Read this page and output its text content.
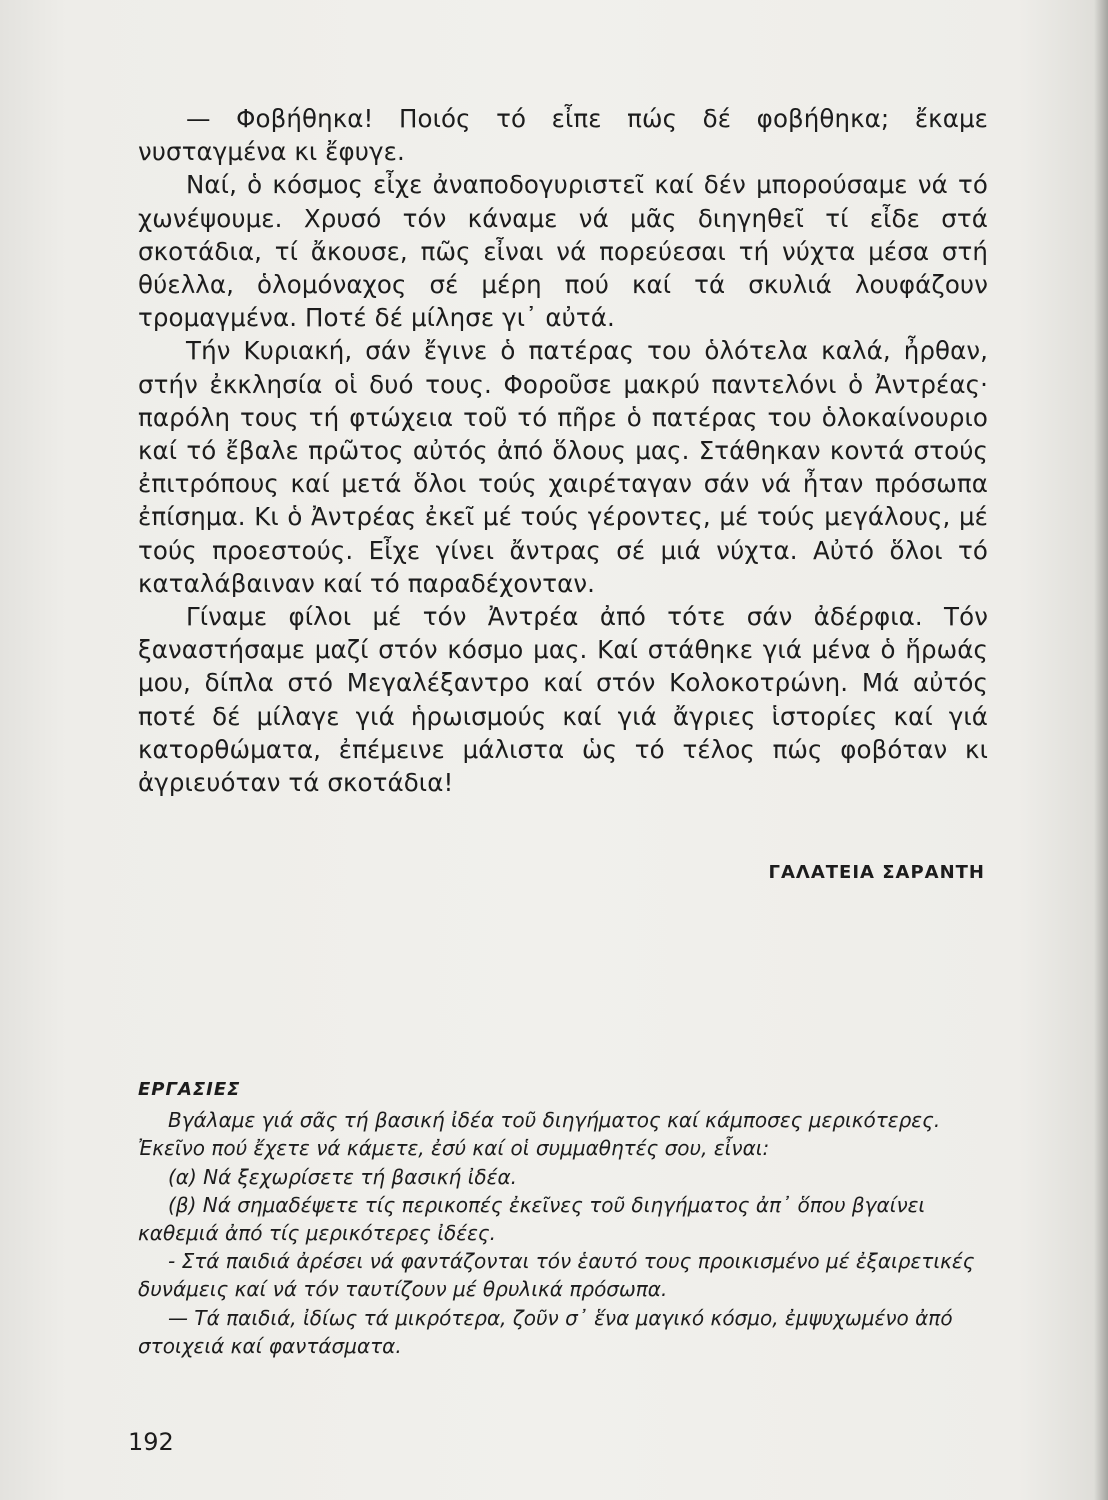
— Φοβήθηκα! Ποιός τό εἶπε πώς δέ φοβήθηκα; ἔκαμε νυσταγμένα κι ἔφυγε.

Ναί, ὁ κόσμος εἶχε ἀναποδογυριστεῖ καί δέν μπορούσαμε νά τό χωνέψουμε. Χρυσό τόν κάναμε νά μᾶς διηγηθεῖ τί εἶδε στά σκοτάδια, τί ἄκουσε, πῶς εἶναι νά πορεύεσαι τή νύχτα μέσα στή θύελλα, ὁλομόναχος σέ μέρη πού καί τά σκυλιά λουφάζουν τρομαγμένα. Ποτέ δέ μίλησε γι᾽ αὐτά.

Τήν Κυριακή, σάν ἔγινε ὁ πατέρας του ὁλότελα καλά, ἦρθαν, στήν ἐκκλησία οἱ δυό τους. Φοροῦσε μακρύ παντελόνι ὁ Ἀντρέας· παρόλη τους τή φτώχεια τοῦ τό πῆρε ὁ πατέρας του ὁλοκαίνουριο καί τό ἔβαλε πρῶτος αὐτός ἀπό ὅλους μας. Στάθηκαν κοντά στούς ἐπιτρόπους καί μετά ὅλοι τούς χαιρέταγαν σάν νά ἦταν πρόσωπα ἐπίσημα. Κι ὁ Ἀντρέας ἐκεῖ μέ τούς γέροντες, μέ τούς μεγάλους, μέ τούς προεστούς. Εἶχε γίνει ἄντρας σέ μιά νύχτα. Αὐτό ὅλοι τό καταλάβαιναν καί τό παραδέχονταν.

Γίναμε φίλοι μέ τόν Ἀντρέα ἀπό τότε σάν ἀδέρφια. Τόν ξαναστήσαμε μαζί στόν κόσμο μας. Καί στάθηκε γιά μένα ὁ ἥρωάς μου, δίπλα στό Μεγαλέξαντρο καί στόν Κολοκοτρώνη. Μά αὐτός ποτέ δέ μίλαγε γιά ἡρωισμούς καί γιά ἄγριες ἱστορίες καί γιά κατορθώματα, ἐπέμεινε μάλιστα ὡς τό τέλος πώς φοβόταν κι ἀγριευόταν τά σκοτάδια!

ΓΑΛΑΤΕΙΑ ΣΑΡΑΝΤΗ
ΕΡΓΑΣΙΕΣ

Βγάλαμε γιά σᾶς τή βασική ἰδέα τοῦ διηγήματος καί κάμποσες μερικότερες. Ἐκεῖνο πού ἔχετε νά κάμετε, ἐσύ καί οἱ συμμαθητές σου, εἶναι:

(α) Νά ξεχωρίσετε τή βασική ἰδέα.

(β) Νά σημαδέψετε τίς περικοπές ἐκεῖνες τοῦ διηγήματος ἀπ᾽ ὅπου βγαίνει καθεμιά ἀπό τίς μερικότερες ἰδέες.

- Στά παιδιά ἀρέσει νά φαντάζονται τόν ἑαυτό τους προικισμένο μέ ἐξαιρετικές δυνάμεις καί νά τόν ταυτίζουν μέ θρυλικά πρόσωπα.

— Τά παιδιά, ἰδίως τά μικρότερα, ζοῦν σ᾽ ἕνα μαγικό κόσμο, ἐμψυχωμένο ἀπό στοιχειά καί φαντάσματα.

192
